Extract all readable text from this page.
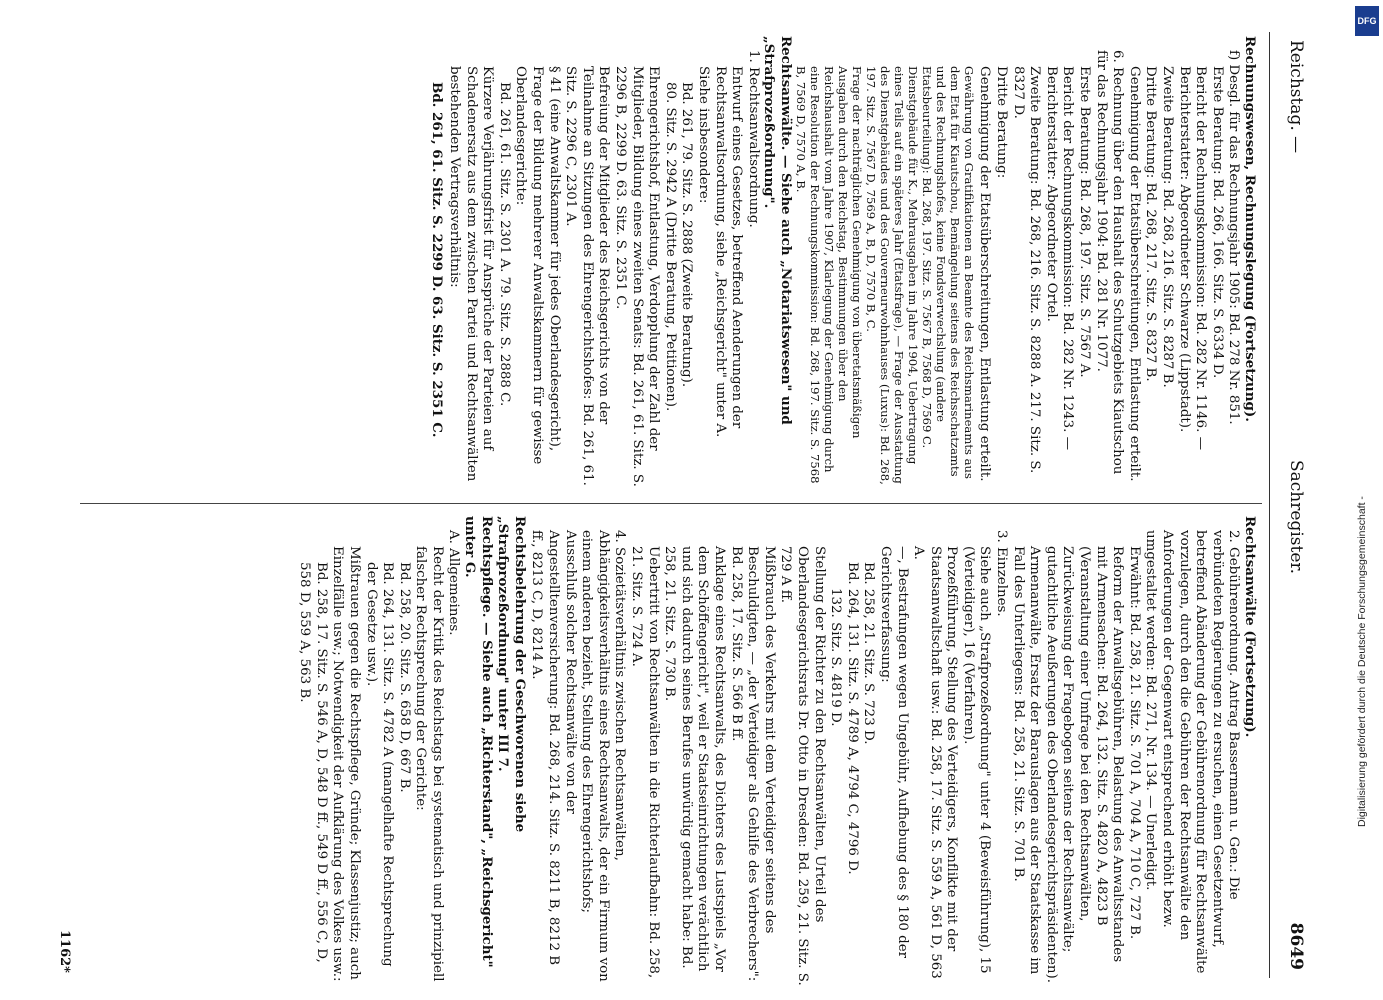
Reichstag. —
Sachregister.
8649

Rechnungswesen, Rechnungslegung (Fortsetzung).

f) Desgl. für das Rechnungsjahr 1905: Bd. 278 Nr. 851.

Erste Beratung: Bd. 266, 166. Sitz. S. 6334 D.

Bericht der Rechnungskommission: Bd. 282 Nr. 1146. — Berichterstatter: Abgeordneter Schwarze (Lippstadt).

Zweite Beratung: Bd. 268, 216. Sitz. S. 8287 B.

Dritte Beratung: Bd. 268, 217. Sitz. S. 8327 B.

Genehmigung der Etatsüberschreitungen, Entlastung erteilt.

6. Rechnung über den Haushalt des Schutzgebiets Kiautschou für das Rechnungsjahr 1904: Bd. 281 Nr. 1077.

Erste Beratung: Bd. 268, 197. Sitz. S. 7567 A.

Bericht der Rechnungskommission: Bd. 282 Nr. 1243. — Berichterstatter: Abgeordneter Ortel.

Zweite Beratung: Bd. 268, 216. Sitz. S. 8288 A. 217. Sitz. S. 8327 D.

Dritte Beratung:

Genehmigung der Etatsüberschreitungen, Entlastung erteilt.

Gewährung von Gratifikationen an Beamte des Reichsmarineamts aus dem Etat für Kiautschou, Bemängelung seitens des Reichsschatzamts und des Rechnungshofes, keine Fondsverwechslung (andere Etatsbeurteilung): Bd. 268, 197. Sitz. S. 7567 B, 7568 D, 7569 C.

Dienstgebäude für K., Mehrausgaben im Jahre 1904, Uebertragung eines Teils auf ein späteres Jahr (Etatsfrage), — Frage der Ausstattung des Dienstgebäudes und des Gouverneurwohnhauses (Luxus): Bd. 268, 197. Sitz. S. 7567 D, 7569 A, B, D, 7570 B, C.

Frage der nachträglichen Genehmigung von überetatsmäßigen Ausgaben durch den Reichstag, Bestimmungen über den Reichshaushalt vom Jahre 1907, Klarlegung der Genehmigung durch eine Resolution der Rechnungskommission: Bd. 268, 197. Sitz. S. 7568 B, 7569 D, 7570 A, B.

Rechtsanwälte. — Siehe auch „Notariatswesen" und „Strafprozeßordnung".

1. Rechtsanwaltsordnung.

Entwurf eines Gesetzes, betreffend Aenderungen der Rechtsanwaltsordnung, siehe „Reichsgericht" unter A.

Siehe insbesondere:

Bd. 261, 79. Sitz. S. 2888 (Zweite Beratung).

80. Sitz. S. 2942 A (Dritte Beratung, Petitionen).

Ehrengerichtshof, Entlastung, Verdopplung der Zahl der Mitglieder, Bildung eines zweiten Senats: Bd. 261, 61. Sitz. S. 2296 B, 2299 D. 63. Sitz. S. 2351 C.

Befreiung der Mitglieder des Reichsgerichts von der Teilnahme an Sitzungen des Ehrengerichtshofes: Bd. 261, 61. Sitz. S. 2296 C, 2301 A.

§ 41 (eine Anwaltskammer für jedes Oberlandesgericht), Frage der Bildung mehrerer Anwaltskammern für gewisse Oberlandesgerichte:

Bd. 261, 61. Sitz. S. 2301 A. 79. Sitz. S. 2888 C.

Kürzere Verjährungsfrist für Ansprüche der Parteien auf Schadenersatz aus dem zwischen Partei und Rechtsanwälten bestehenden Vertragsverhältnis:

Bd. 261, 61. Sitz. S. 2299 D. 63. Sitz. S. 2351 C.

Rechtsanwälte (Fortsetzung).

2. Gebührenordnung. Antrag Bassermann u. Gen.: Die verbündeten Regierungen zu ersuchen, einen Gesetzentwurf, betreffend Abänderung der Gebührenordnung für Rechtsanwälte vorzulegen, durch den die Gebühren der Rechtsanwälte den Anforderungen der Gegenwart entsprechend erhöht bezw. umgestaltet werden: Bd. 271, Nr. 134. — Unerledigt.

Erwähnt: Bd. 258, 21. Sitz. S. 701 A, 704 A, 710 C, 727 B.

Reform der Anwaltsgebühren, Belastung des Anwaltsstandes mit Armensachen: Bd. 264, 132. Sitz. S. 4820 A, 4823 B (Veranstaltung einer Umfrage bei den Rechtsanwälten, Zurückweisung der Fragebogen seitens der Rechtsanwälte; gutachtliche Aeußerungen des Oberlandesgerichtspräsidenten).

Armenanwälte, Ersatz der Barauslagen aus der Staatskasse im Fall des Unterliegens: Bd. 258, 21. Sitz. S. 701 B.

3. Einzelnes.

Siehe auch „Strafprozeßordnung" unter 4 (Beweisführung), 15 (Verteidiger), 16 (Verfahren).

Prozeßführung, Stellung des Verteidigers, Konflikte mit der Staatsanwaltschaft usw.: Bd. 258, 17. Sitz. S. 559 A, 561 D, 563 A.

—, Bestrafungen wegen Ungebühr, Aufhebung des § 180 der Gerichtsverfassung:

Bd. 258, 21. Sitz. S. 723 D.

Bd. 264, 131. Sitz. S. 4789 A, 4794 C, 4796 D.

132. Sitz. S. 4819 D.

Stellung der Richter zu den Rechtsanwälten, Urteil des Oberlandesgerichtsrats Dr. Otto in Dresden: Bd. 259, 21. Sitz. S. 729 A ff.

Mißbrauch des Verkehrs mit dem Verteidiger seitens des Beschuldigten, — „der Verteidiger als Gehilfe des Verbrechers": Bd. 258, 17. Sitz. S. 566 B ff.

Anklage eines Rechtsanwalts, des Dichters des Lustspiels „Vor dem Schöffengericht", weil er Staatseinrichtungen verächtlich und sich dadurch seines Berufes unwürdig gemacht habe: Bd. 258, 21. Sitz. S. 730 B.

Uebertritt von Rechtsanwälten in die Richterlaufbahn: Bd. 258, 21. Sitz. S. 724 A.

4. Sozietätsverhältnis zwischen Rechtsanwälten, Abhängigkeitsverhältnis eines Rechtsanwalts, der ein Firmum von einem anderen bezieht, Stellung des Ehrengerichtshofs; Ausschluß solcher Rechtsanwälte von der Angestelltenversicherung: Bd. 268, 214. Sitz. S. 8211 B, 8212 B ff., 8213 C, D, 8214 A.

Rechtsbelehrung der Geschworenen siehe „Strafprozeßordnung" unter III 7.

Rechtspflege. — Siehe auch „Richterstand", „Reichsgericht" unter G.

A. Allgemeines.

Recht der Kritik des Reichstags bei systematisch und prinzipiell falscher Rechtsprechung der Gerichte:

Bd. 258, 20. Sitz. S. 658 D, 667 B.

Bd. 264, 131. Sitz. S. 4782 A (mangelhafte Rechtsprechung der Gesetze usw.).

Mißtrauen gegen die Rechtspflege, Gründe; Klassenjustiz; auch Einzelfälle usw.; Notwendigkeit der Aufklärung des Volkes usw.:

Bd. 258, 17. Sitz. S. 546 A, D, 548 D ff., 549 D ff., 556 C, D, 558 D, 559 A, 563 B.

1162*
DFG
Digitalisierung gefördert durch die Deutsche Forschungsgemeinschaft -
